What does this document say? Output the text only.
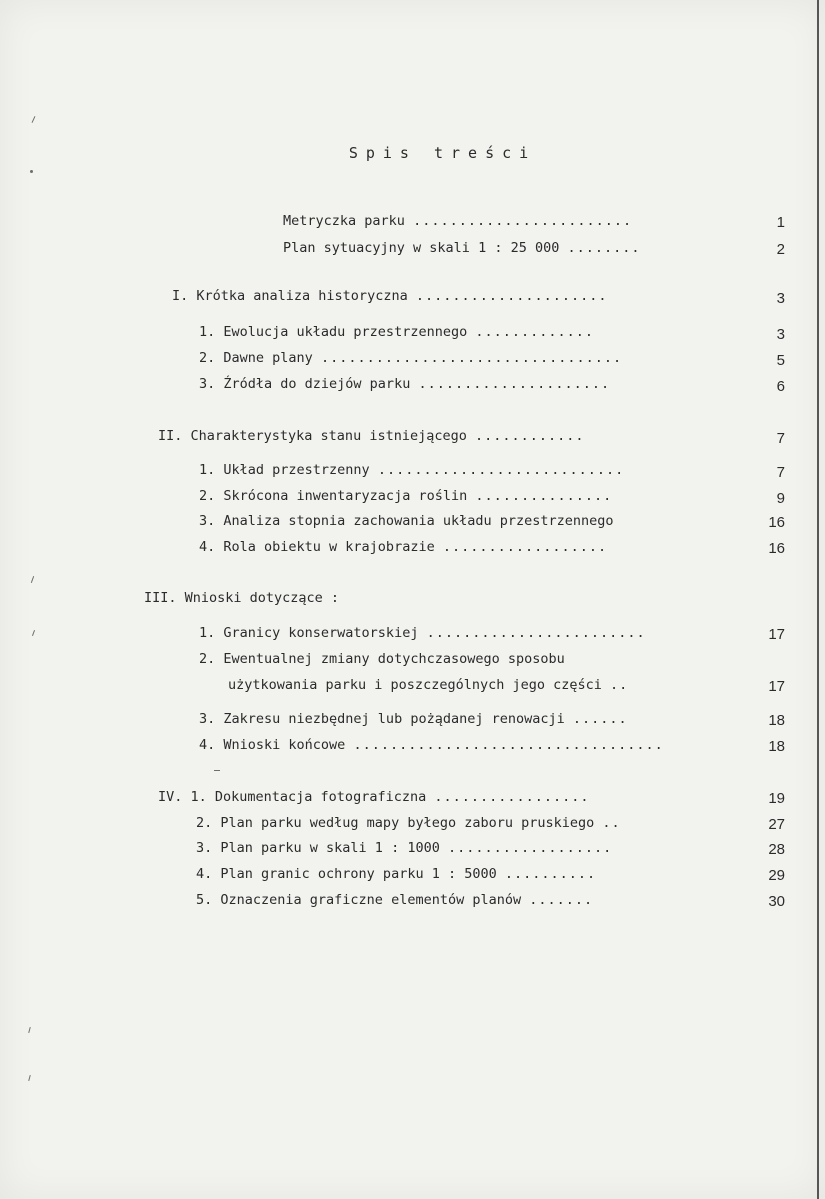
Spis treści
Metryczka parku ........................	1
Plan sytuacyjny w skali 1 : 25 000 ........	2
I. Krótka analiza historyczna .....................	3
1. Ewolucja układu przestrzennego .............	3
2. Dawne plany .................................	5
3. Źródła do dziejów parku .....................	6
II. Charakterystyka stanu istniejącego ............	7
1. Układ przestrzenny ...........................	7
2. Skrócona inwentaryzacja roślin ...............	9
3. Analiza stopnia zachowania układu przestrzennego	16
4. Rola obiektu w krajobrazie ..................	16
III. Wnioski dotyczące :
1. Granicy konserwatorskiej ........................	17
2. Ewentualnej zmiany dotychczasowego sposobu
użytkowania parku i poszczególnych jego części ..	17
3. Zakresu niezbędnej lub pożądanej renowacji ......	18
4. Wnioski końcowe ..................................	18
IV. 1. Dokumentacja fotograficzna .................	19
2. Plan parku według mapy byłego zaboru pruskiego ..	27
3. Plan parku w skali 1 : 1000 ..................	28
4. Plan granic ochrony parku 1 : 5000 ..........	29
5. Oznaczenia graficzne elementów planów .......	30
